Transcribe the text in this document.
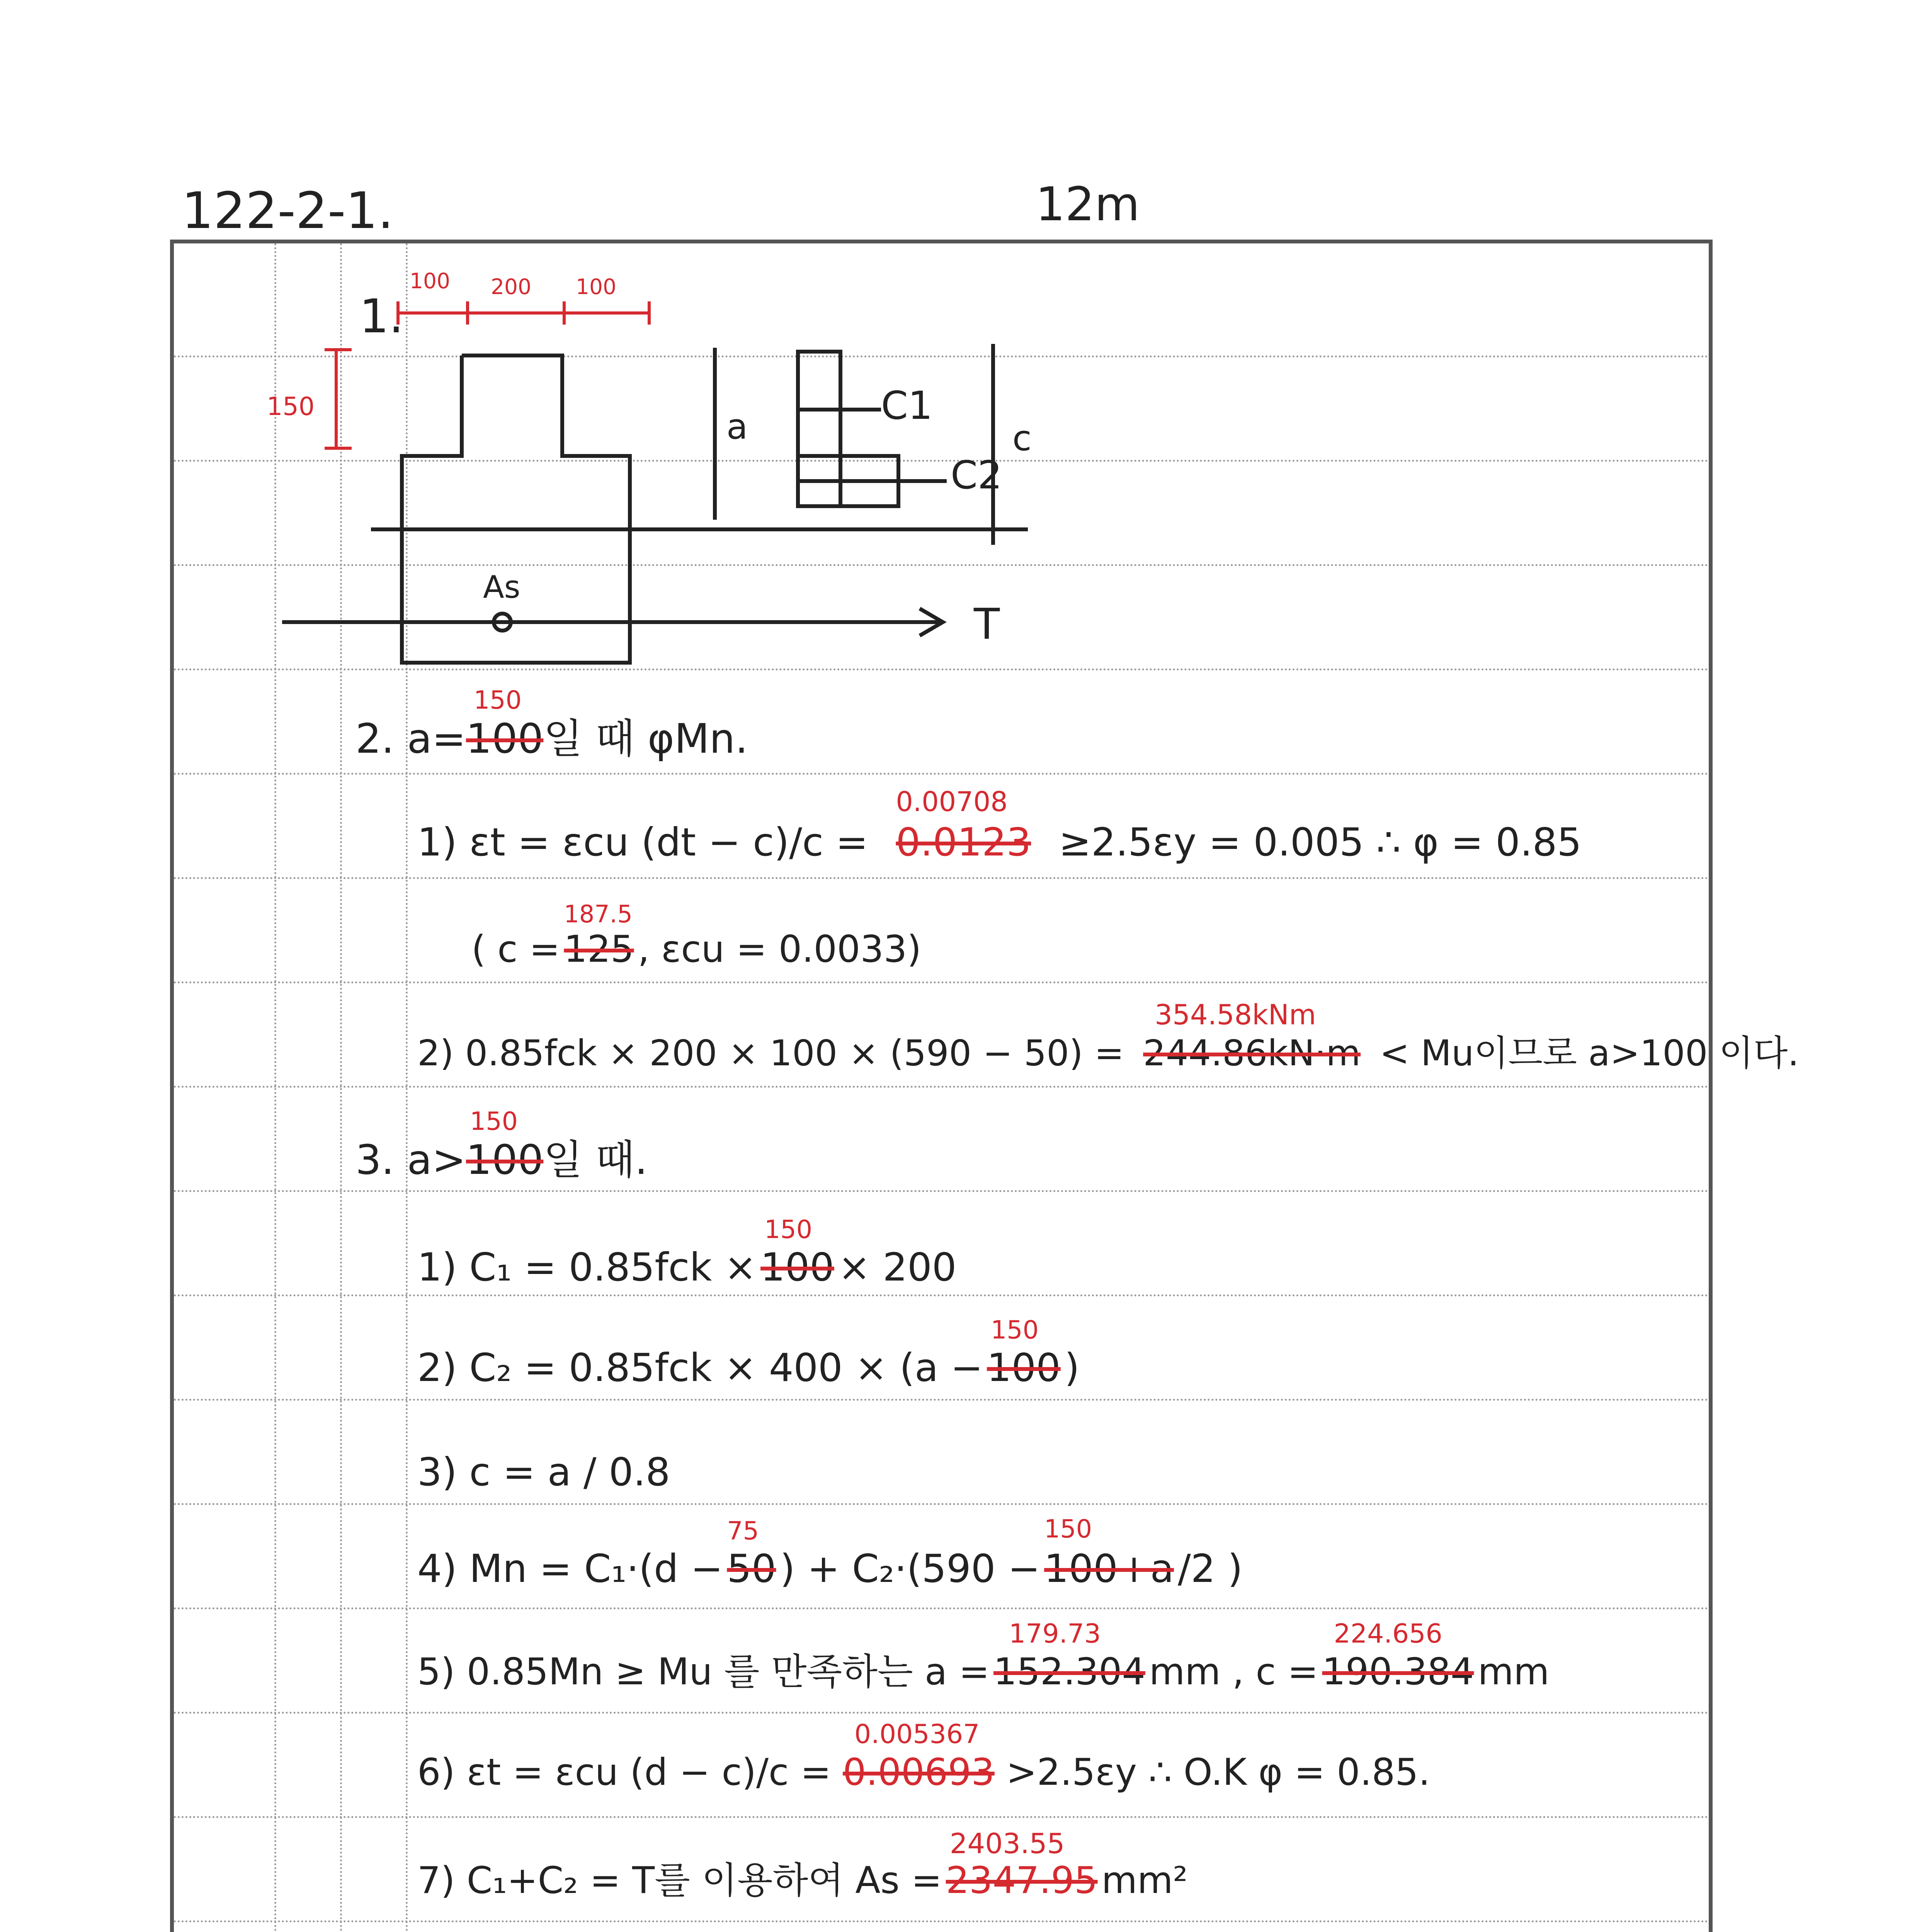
122-2-1.	12m
1.
100 200 100
150
As
a	C1
C2
c
T
2. a=
150
100일 때 φMn.
1) εt = εcu (dt − c)/c =
0.00708
0.0123 ≥2.5εy = 0.005 ∴ φ = 0.85
( c =
187.5
125 , εcu = 0.0033)
2) 0.85fck × 200 × 100 × (590 − 50) =
354.58kNm
244.86kN·m < Mu이므로 a>100 이다.
3. a>
150
100일 때.
1) C₁ = 0.85fck ×
150
100 × 200
2) C₂ = 0.85fck × 400 × (a −
150
100 )
3) c = a / 0.8
4) Mn = C₁·(d −
75
50 ) + C₂·(590 −
150
100+a /2 )
5) 0.85Mn ≥ Mu 를 만족하는 a =
179.73
152.304 mm , c =
224.656
190.384 mm
6) εt = εcu (d − c)/c =
0.005367
0.00693 >2.5εy ∴ O.K φ = 0.85.
7) C₁+C₂ = T를 이용하여 As =
2403.55
2347.95 mm²
